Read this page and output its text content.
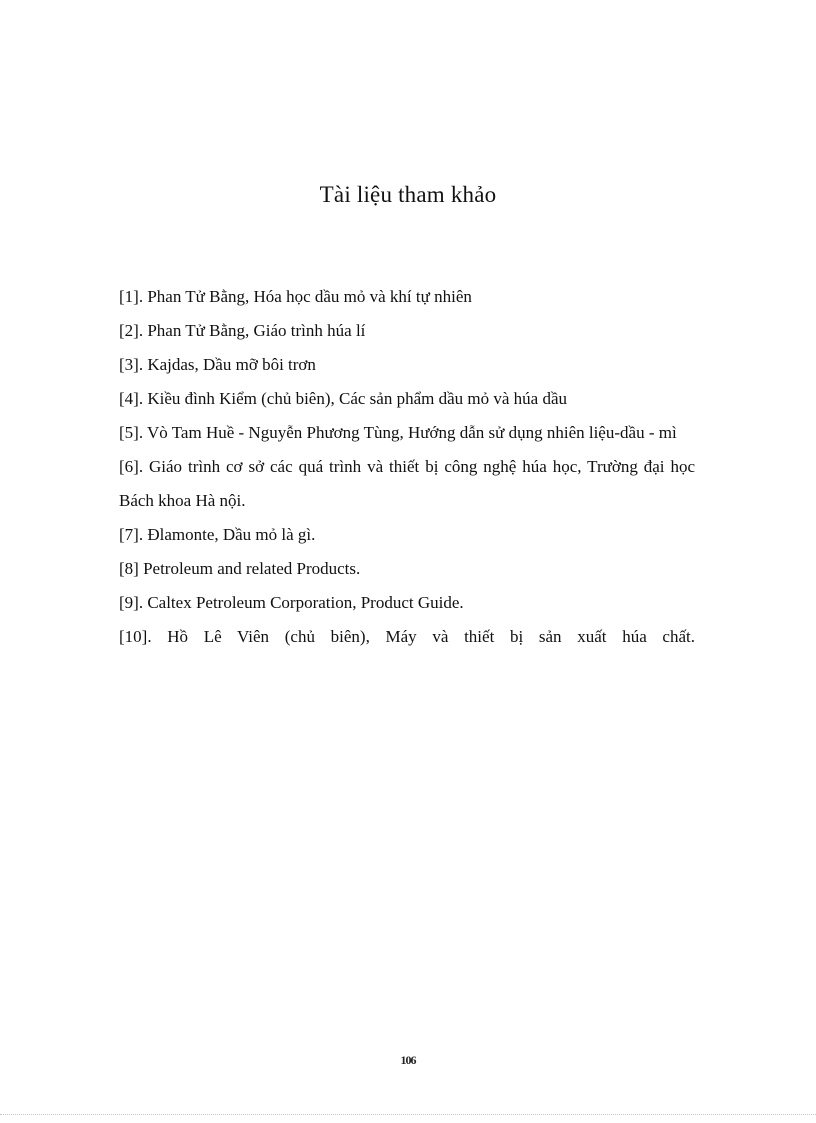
Tài liệu tham khảo
[1]. Phan Tử Bằng, Hóa học dầu mỏ và khí tự nhiên
[2]. Phan Tử Bằng, Giáo trình húa lí
[3]. Kajdas, Dầu mỡ bôi trơn
[4]. Kiều đình Kiểm (chủ biên), Các sản phẩm dầu mỏ và húa dầu
[5]. Vò Tam Huề - Nguyễn Phương Tùng, Hướng dẫn sử dụng nhiên liệu-dầu - mì
[6]. Giáo trình cơ sở các quá trình và thiết bị công nghệ húa học, Trường đại học Bách khoa Hà nội.
[7]. Đlamonte, Dầu mỏ là gì.
[8] Petroleum and related Products.
[9]. Caltex Petroleum Corporation, Product Guide.
[10]. Hồ Lê Viên (chủ biên), Máy và thiết bị sản xuất húa chất.
106
